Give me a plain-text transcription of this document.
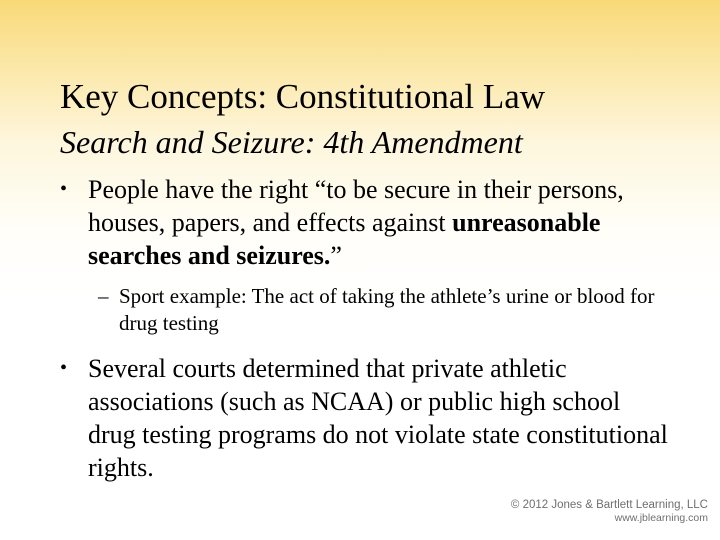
Key Concepts: Constitutional Law
Search and Seizure: 4th Amendment
• People have the right “to be secure in their persons, houses, papers, and effects against unreasonable searches and seizures.”
– Sport example: The act of taking the athlete’s urine or blood for drug testing
• Several courts determined that private athletic associations (such as NCAA) or public high school drug testing programs do not violate state constitutional rights.
© 2012 Jones & Bartlett Learning, LLC
www.jblearning.com
